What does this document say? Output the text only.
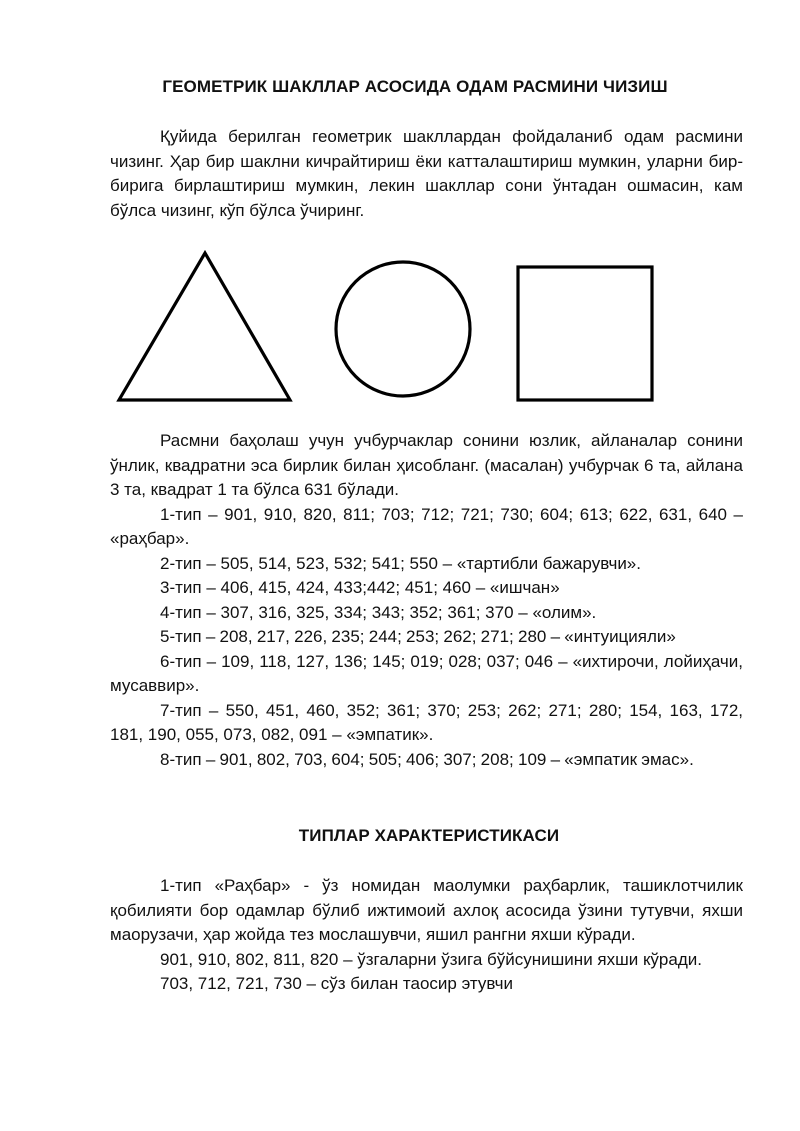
ГЕОМЕТРИК ШАКЛЛАР АСОСИДА ОДАМ РАСМИНИ ЧИЗИШ

Қуйида берилган геометрик шакллардан фойдаланиб одам расмини чизинг. Ҳар бир шаклни кичрайтириш ёки катталаштириш мумкин, уларни бир-бирига бирлаштириш мумкин, лекин шакллар сони ўнтадан ошмасин, кам бўлса чизинг, кўп бўлса ўчиринг.

Расмни баҳолаш учун учбурчаклар сонини юзлик, айланалар сонини ўнлик, квадратни эса бирлик билан ҳисобланг. (масалан) учбурчак 6 та, айлана 3 та, квадрат 1 та бўлса 631 бўлади.

1-тип – 901, 910, 820, 811; 703; 712; 721; 730; 604; 613; 622, 631, 640 – «раҳбар».

2-тип – 505, 514, 523, 532; 541; 550 – «тартибли бажарувчи».

3-тип – 406, 415, 424, 433;442; 451; 460 – «ишчан»

4-тип – 307, 316, 325, 334; 343; 352; 361; 370 – «олим».

5-тип – 208, 217, 226, 235; 244; 253; 262; 271; 280 – «интуицияли»

6-тип – 109, 118, 127, 136; 145; 019; 028; 037; 046 – «ихтирочи, лойиҳачи, мусаввир».

7-тип – 550, 451, 460, 352; 361; 370; 253; 262; 271; 280; 154, 163, 172, 181, 190, 055, 073, 082, 091 – «эмпатик».

8-тип – 901, 802, 703, 604; 505; 406; 307; 208; 109 – «эмпатик эмас».

ТИПЛАР ХАРАКТЕРИСТИКАСИ

1-тип «Раҳбар» - ўз номидан маолумки раҳбарлик, ташиклотчилик қобилияти бор одамлар бўлиб ижтимоий ахлоқ асосида ўзини тутувчи, яхши маорузачи, ҳар жойда тез мослашувчи, яшил рангни яхши кўради.

901, 910, 802, 811, 820 – ўзгаларни ўзига бўйсунишини яхши кўради.

703, 712, 721, 730 – сўз билан таосир этувчи
